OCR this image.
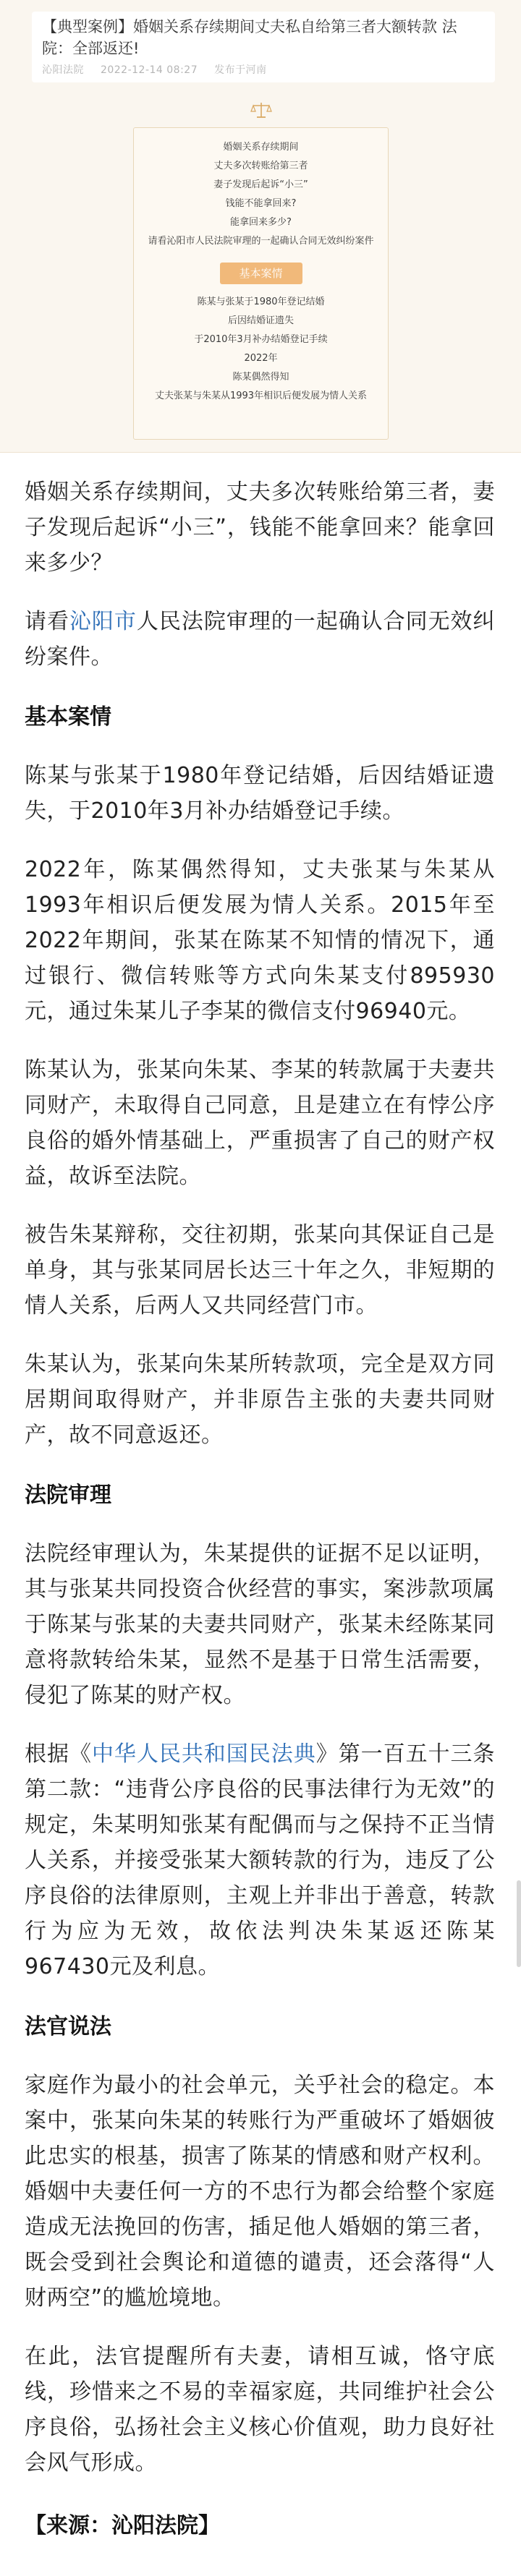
【典型案例】婚姻关系存续期间丈夫私自给第三者大额转款 法院：全部返还!
沁阳法院 2022-12-14 08:27 发布于河南
婚姻关系存续期间
丈夫多次转账给第三者
妻子发现后起诉“小三”
钱能不能拿回来?
能拿回来多少?
请看沁阳市人民法院审理的一起确认合同无效纠纷案件
基本案情
陈某与张某于1980年登记结婚
后因结婚证遗失
于2010年3月补办结婚登记手续
2022年
陈某偶然得知
丈夫张某与朱某从1993年相识后便发展为情人关系

婚姻关系存续期间，丈夫多次转账给第三者，妻子发现后起诉“小三”，钱能不能拿回来？能拿回来多少？

请看沁阳市人民法院审理的一起确认合同无效纠纷案件。

基本案情

陈某与张某于1980年登记结婚，后因结婚证遗失，于2010年3月补办结婚登记手续。

2022年，陈某偶然得知，丈夫张某与朱某从1993年相识后便发展为情人关系。2015年至2022年期间，张某在陈某不知情的情况下，通过银行、微信转账等方式向朱某支付895930元，通过朱某儿子李某的微信支付96940元。

陈某认为，张某向朱某、李某的转款属于夫妻共同财产，未取得自己同意，且是建立在有悖公序良俗的婚外情基础上，严重损害了自己的财产权益，故诉至法院。

被告朱某辩称，交往初期，张某向其保证自己是单身，其与张某同居长达三十年之久，非短期的情人关系，后两人又共同经营门市。

朱某认为，张某向朱某所转款项，完全是双方同居期间取得财产，并非原告主张的夫妻共同财产，故不同意返还。

法院审理

法院经审理认为，朱某提供的证据不足以证明，其与张某共同投资合伙经营的事实，案涉款项属于陈某与张某的夫妻共同财产，张某未经陈某同意将款转给朱某，显然不是基于日常生活需要，侵犯了陈某的财产权。

根据《中华人民共和国民法典》第一百五十三条第二款：“违背公序良俗的民事法律行为无效”的规定，朱某明知张某有配偶而与之保持不正当情人关系，并接受张某大额转款的行为，违反了公序良俗的法律原则，主观上并非出于善意，转款行为应为无效，故依法判决朱某返还陈某967430元及利息。

法官说法

家庭作为最小的社会单元，关乎社会的稳定。本案中，张某向朱某的转账行为严重破坏了婚姻彼此忠实的根基，损害了陈某的情感和财产权利。婚姻中夫妻任何一方的不忠行为都会给整个家庭造成无法挽回的伤害，插足他人婚姻的第三者，既会受到社会舆论和道德的谴责，还会落得“人财两空”的尴尬境地。

在此，法官提醒所有夫妻，请相互诚，恪守底线，珍惜来之不易的幸福家庭，共同维护社会公序良俗，弘扬社会主义核心价值观，助力良好社会风气形成。

【来源：沁阳法院】
